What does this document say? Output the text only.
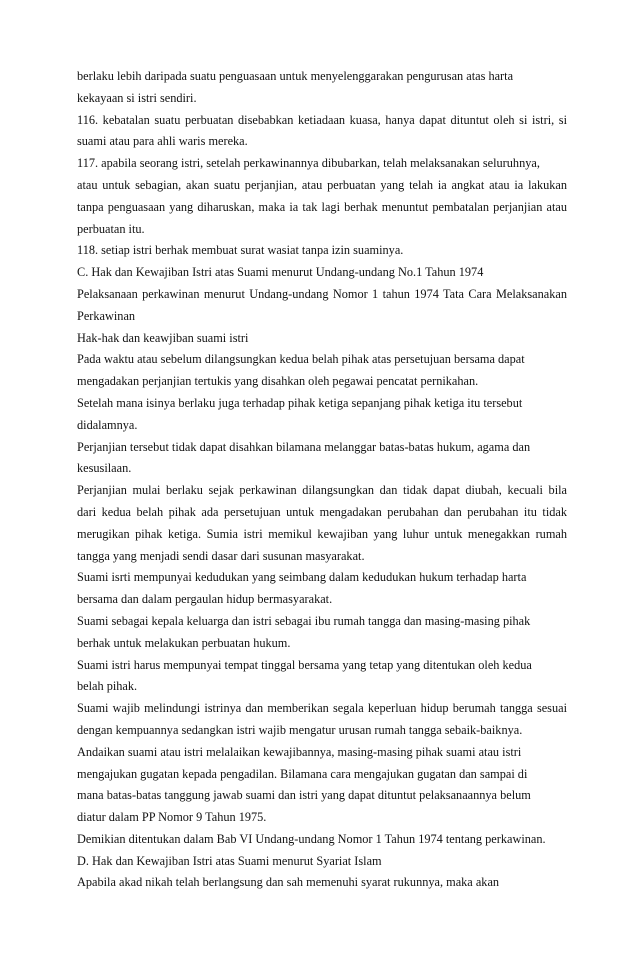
berlaku lebih daripada suatu penguasaan untuk menyelenggarakan pengurusan atas harta
kekayaan si istri sendiri.
116. kebatalan suatu perbuatan disebabkan ketiadaan kuasa, hanya dapat dituntut oleh si istri, si
suami atau para ahli waris mereka.
117. apabila seorang istri, setelah perkawinannya dibubarkan, telah melaksanakan seluruhnya,
atau untuk sebagian, akan suatu perjanjian, atau perbuatan yang telah ia angkat atau ia lakukan
tanpa penguasaan yang diharuskan, maka ia tak lagi berhak menuntut pembatalan perjanjian atau
perbuatan itu.
118. setiap istri berhak membuat surat wasiat tanpa izin suaminya.
C. Hak dan Kewajiban Istri atas Suami menurut Undang-undang No.1 Tahun 1974
Pelaksanaan perkawinan menurut Undang-undang Nomor 1 tahun 1974 Tata Cara Melaksanakan
Perkawinan
Hak-hak dan keawjiban suami istri
Pada waktu atau sebelum dilangsungkan kedua belah pihak atas persetujuan bersama dapat
mengadakan perjanjian tertukis yang disahkan oleh pegawai pencatat pernikahan.
Setelah mana isinya berlaku juga terhadap pihak ketiga sepanjang pihak ketiga itu tersebut
didalamnya.
Perjanjian tersebut tidak dapat disahkan bilamana melanggar batas-batas hukum, agama dan
kesusilaan.
Perjanjian mulai berlaku sejak perkawinan dilangsungkan dan tidak dapat diubah, kecuali bila
dari kedua belah pihak ada persetujuan untuk mengadakan perubahan dan perubahan itu tidak
merugikan pihak ketiga. Sumia istri memikul kewajiban yang luhur untuk menegakkan rumah
tangga yang menjadi sendi dasar dari susunan masyarakat.
Suami isrti mempunyai kedudukan yang seimbang dalam kedudukan hukum terhadap harta
bersama dan dalam pergaulan hidup bermasyarakat.
Suami sebagai kepala keluarga dan istri sebagai ibu rumah tangga dan masing-masing pihak
berhak untuk melakukan perbuatan hukum.
Suami istri harus mempunyai tempat tinggal bersama yang tetap yang ditentukan oleh kedua
belah pihak.
Suami wajib melindungi istrinya dan memberikan segala keperluan hidup berumah tangga sesuai
dengan kempuannya sedangkan istri wajib mengatur urusan rumah tangga sebaik-baiknya.
Andaikan suami atau istri melalaikan kewajibannya, masing-masing pihak suami atau istri
mengajukan gugatan kepada pengadilan. Bilamana cara mengajukan gugatan dan sampai di
mana batas-batas tanggung jawab suami dan istri yang dapat dituntut pelaksanaannya belum
diatur dalam PP Nomor 9 Tahun 1975.
Demikian ditentukan dalam Bab VI Undang-undang Nomor 1 Tahun 1974 tentang perkawinan.
D. Hak dan Kewajiban Istri atas Suami menurut Syariat Islam
Apabila akad nikah telah berlangsung dan sah memenuhi syarat rukunnya, maka akan
